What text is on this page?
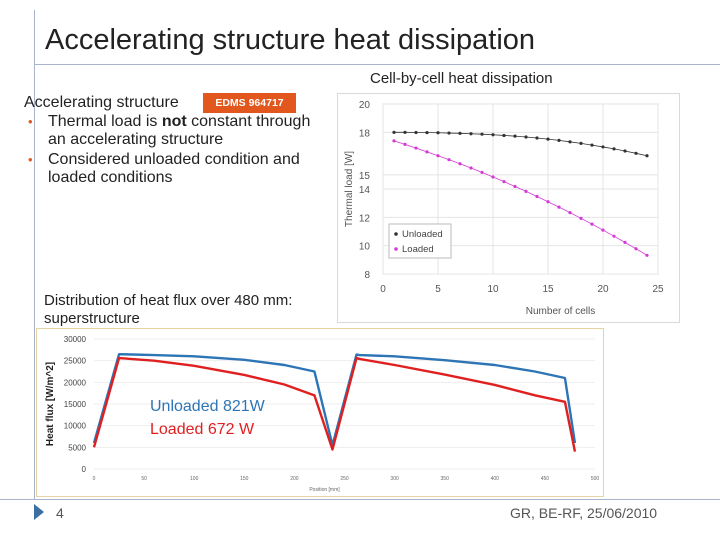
Accelerating structure heat dissipation
Cell-by-cell heat dissipation
Accelerating structure	EDMS 964717
• Thermal load is not constant through an accelerating structure
• Considered unloaded condition and loaded conditions
8
10
12
14
15
18
20
0	5	10	15	20	25
Number of cells
Thermal load [W]
Unloaded
Loaded
Distribution of heat flux over 480 mm: superstructure
0
5000
10000
15000
20000
25000
30000
0	50	100	150	200	250	300	350	400	450	500
Position [mm]
Heat flux [W/m^2]	Unloaded 821W
Loaded 672 W
4	GR, BE-RF, 25/06/2010
